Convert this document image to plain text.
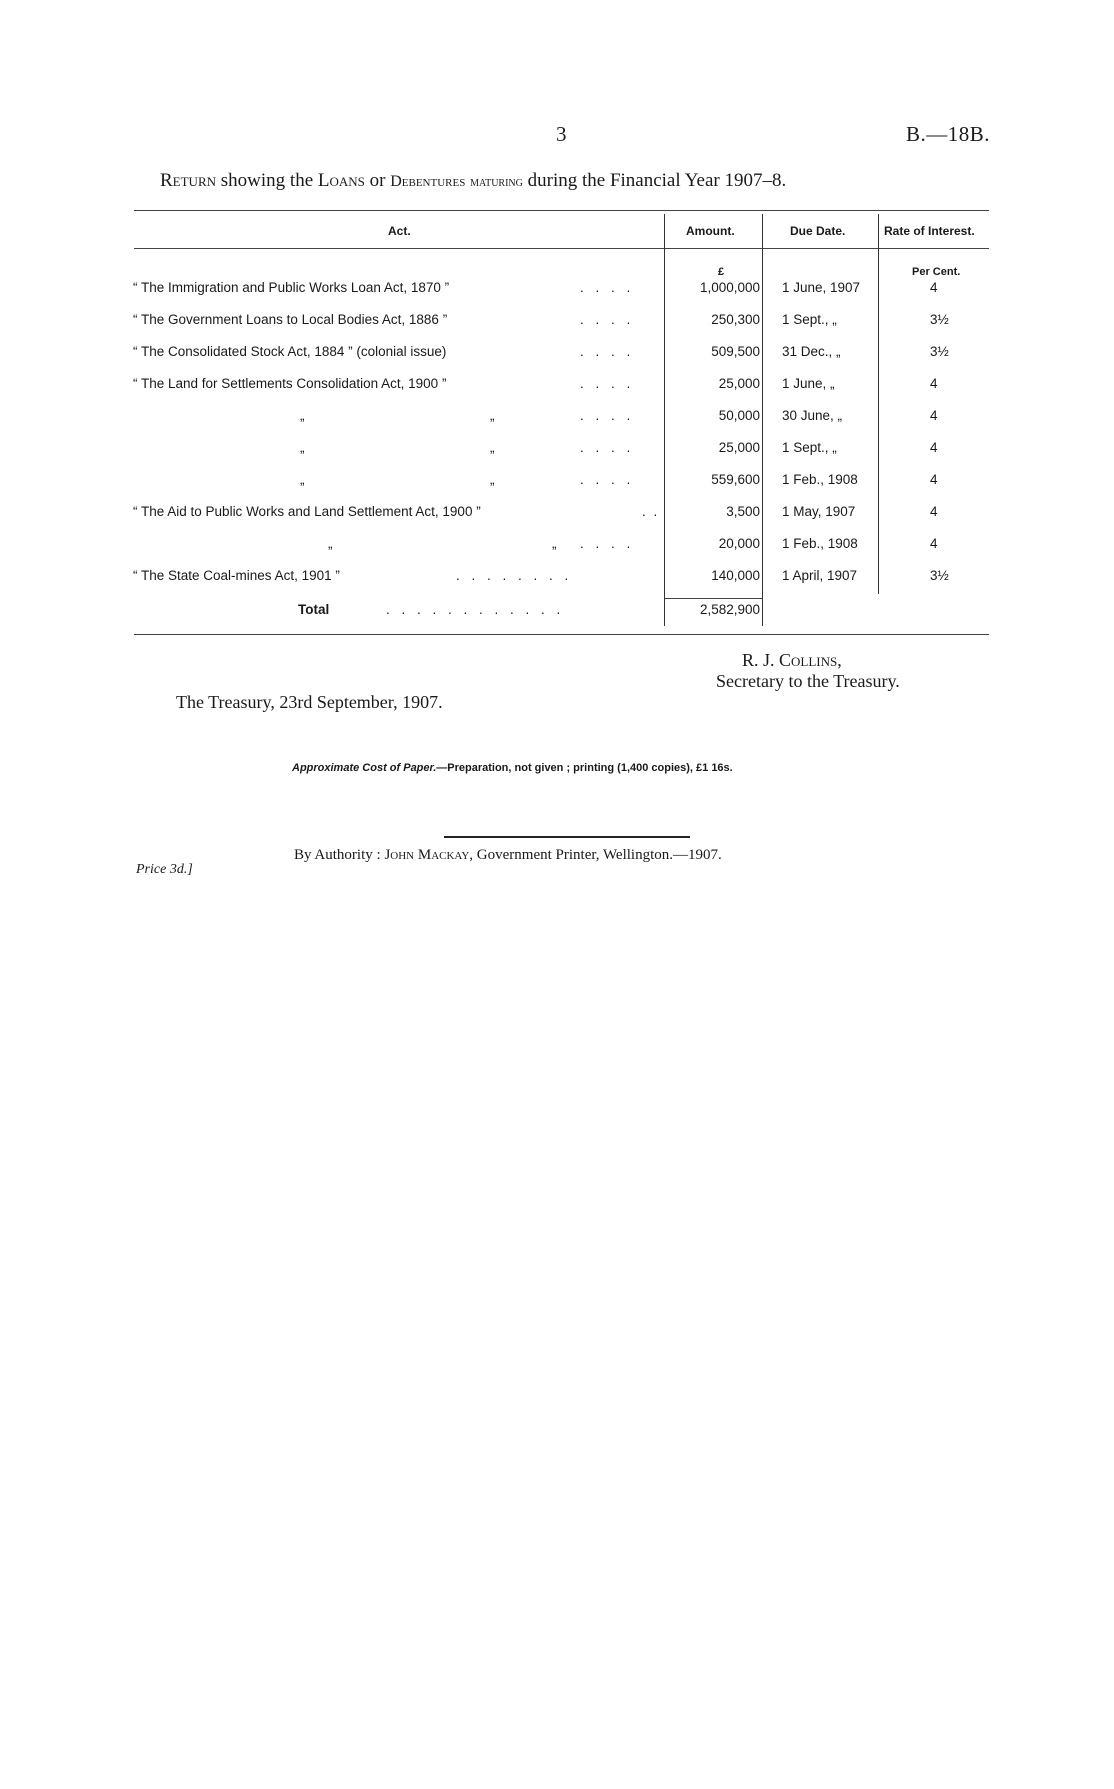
3	B.—18B.
Return showing the Loans or Debentures maturing during the Financial Year 1907–8.
Act.	Amount.	Due Date.	Rate of Interest.
£	Per Cent.
“ The Immigration and Public Works Loan Act, 1870 ”	. . . .	1,000,000 1 June, 1907	4
“ The Government Loans to Local Bodies Act, 1886 ”	. . . .	250,300 1 Sept., „	3½
“ The Consolidated Stock Act, 1884 ” (colonial issue)	. . . .	509,500 31 Dec., „	3½
“ The Land for Settlements Consolidation Act, 1900 ”	. . . .	25,000 1 June, „	4
„	„	. . . .	50,000 30 June, „	4
„	„	. . . .	25,000 1 Sept., „	4
„	„	. . . .	559,600 1 Feb., 1908	4
“ The Aid to Public Works and Land Settlement Act, 1900 ”	. .	3,500 1 May, 1907	4
„	„ . . . .	20,000 1 Feb., 1908	4
“ The State Coal-mines Act, 1901 ”	. . . . . . . .	140,000 1 April, 1907	3½
Total	. . . . . . . . . . . .	2,582,900
R. J. Collins,
Secretary to the Treasury.
The Treasury, 23rd September, 1907.
Approximate Cost of Paper.—Preparation, not given ; printing (1,400 copies), £1 16s.
By Authority : John Mackay, Government Printer, Wellington.—1907.
Price 3d.]
